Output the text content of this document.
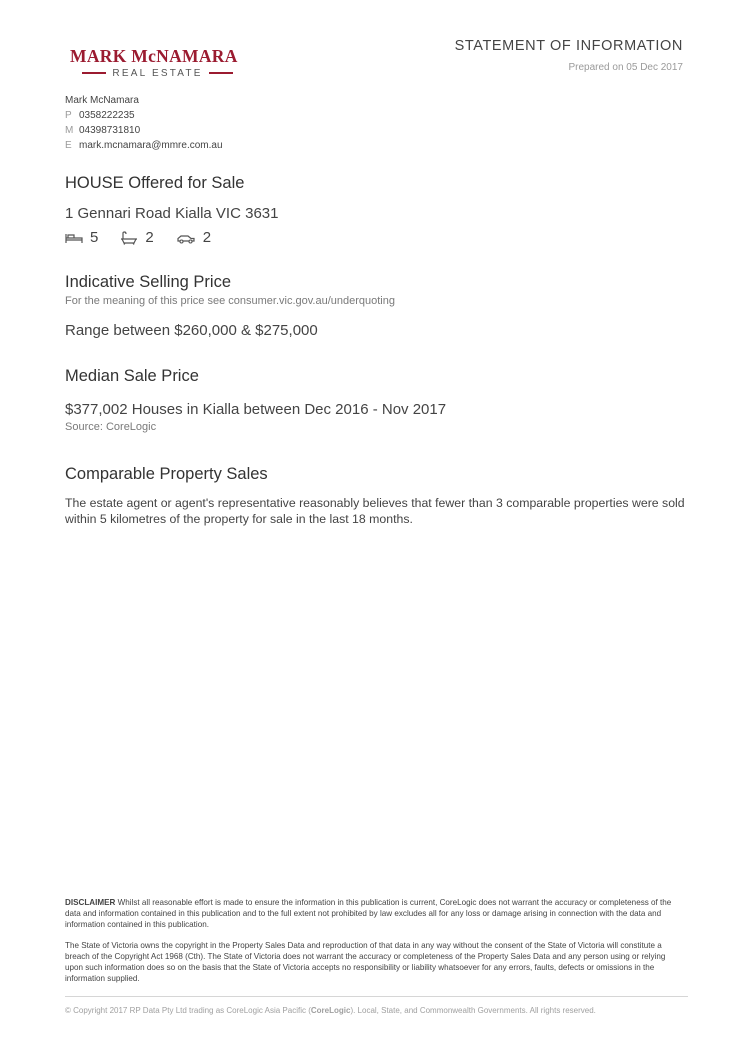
MARK McNAMARA
REAL ESTATE
STATEMENT OF INFORMATION
Prepared on 05 Dec 2017
Mark McNamara
P 0358222235
M 04398731810
E mark.mcnamara@mmre.com.au
HOUSE Offered for Sale
1 Gennari Road Kialla VIC 3631
5	2	2
Indicative Selling Price
For the meaning of this price see consumer.vic.gov.au/underquoting
Range between $260,000 & $275,000
Median Sale Price
$377,002 Houses in Kialla between Dec 2016 - Nov 2017
Source: CoreLogic
Comparable Property Sales
The estate agent or agent's representative reasonably believes that fewer than 3 comparable properties were sold within 5 kilometres of the property for sale in the last 18 months.
DISCLAIMER Whilst all reasonable effort is made to ensure the information in this publication is current, CoreLogic does not warrant the accuracy or completeness of the data and information contained in this publication and to the full extent not prohibited by law excludes all for any loss or damage arising in connection with the data and information contained in this publication.
The State of Victoria owns the copyright in the Property Sales Data and reproduction of that data in any way without the consent of the State of Victoria will constitute a breach of the Copyright Act 1968 (Cth). The State of Victoria does not warrant the accuracy or completeness of the Property Sales Data and any person using or relying upon such information does so on the basis that the State of Victoria accepts no responsibility or liability whatsoever for any errors, faults, defects or omissions in the information supplied.
© Copyright 2017 RP Data Pty Ltd trading as CoreLogic Asia Pacific (CoreLogic). Local, State, and Commonwealth Governments. All rights reserved.
